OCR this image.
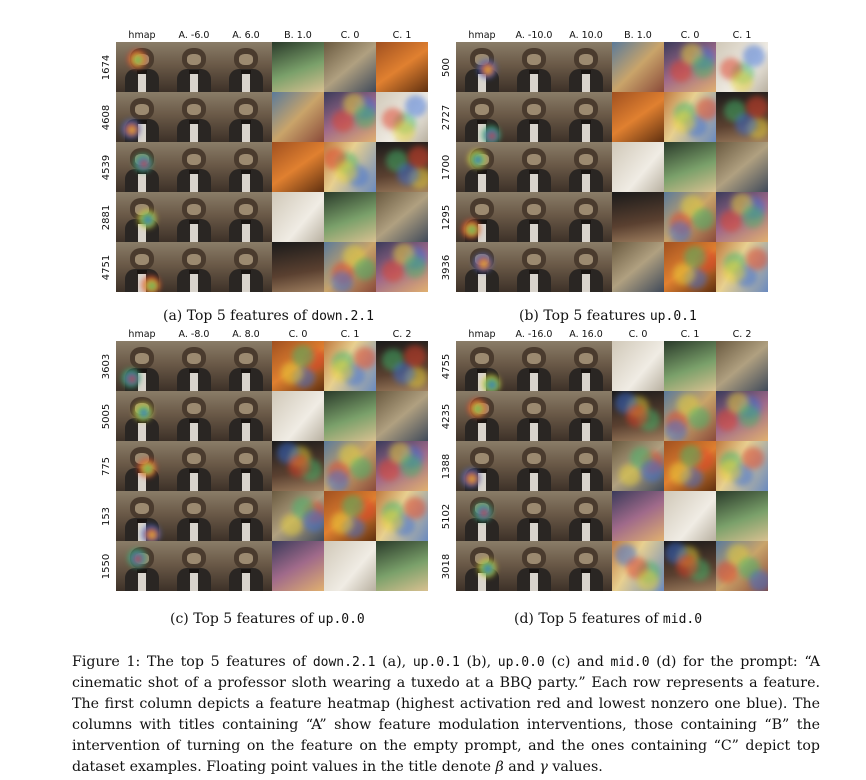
hmap	A. -6.0	A. 6.0	B. 1.0	C. 0	C. 1
1674
4608
4539
2881
4751
hmap	A. -10.0	A. 10.0	B. 1.0	C. 0	C. 1
500
2727
1700
1295
3936
hmap	A. -8.0	A. 8.0	C. 0	C. 1	C. 2
3603
5005
775
153
1550
hmap	A. -16.0	A. 16.0	C. 0	C. 1	C. 2
4755
4235
1388
5102
3018
(a) Top 5 features of down.2.1	(b) Top 5 features up.0.1
(c) Top 5 features of up.0.0	(d) Top 5 features of mid.0
Figure 1: The top 5 features of down.2.1 (a), up.0.1 (b), up.0.0 (c) and mid.0 (d) for the prompt: “A cinematic shot of a professor sloth wearing a tuxedo at a BBQ party.” Each row represents a feature. The first column depicts a feature heatmap (highest activation red and lowest nonzero one blue). The columns with titles containing “A” show feature modulation interventions, those containing “B” the intervention of turning on the feature on the empty prompt, and the ones containing “C” depict top dataset examples. Floating point values in the title denote β and γ values.
